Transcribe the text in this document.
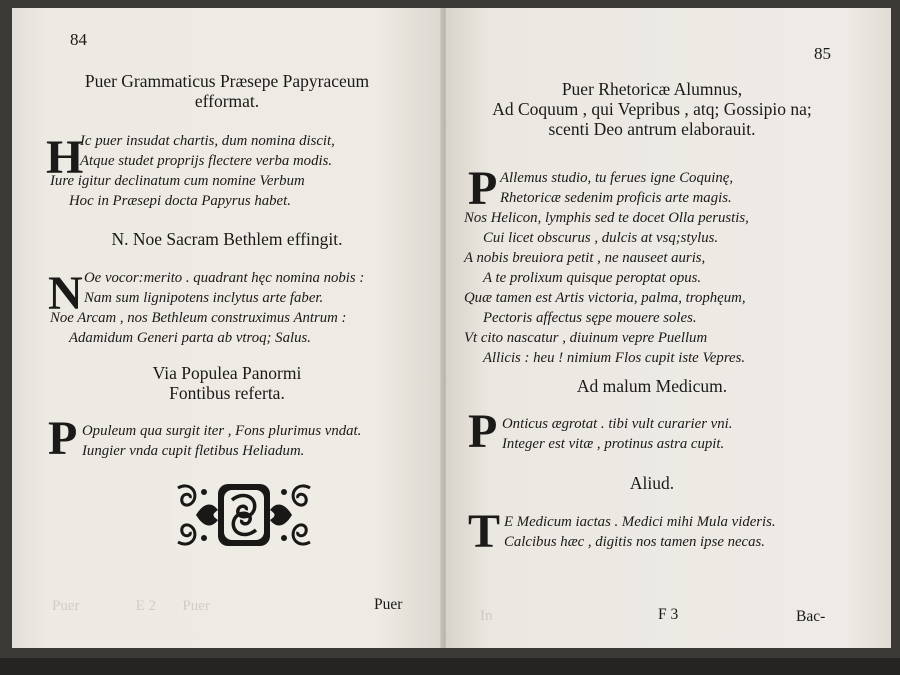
84
Puer Grammaticus Præsepe Papyraceum
efformat.
H
Ic puer insudat chartis, dum nomina discit,
Atque studet proprijs flectere verba modis.
Iure igitur declinatum cum nomine Verbum
Hoc in Præsepi docta Papyrus habet.
N. Noe Sacram Bethlem effingit.
N Oe vocor:merito . quadrant hęc nomina nobis :
Nam sum lignipotens inclytus arte faber.
Noe Arcam , nos Bethleum construximus Antrum :
Adamidum Generi parta ab vtroq; Salus.
Via Populea Panormi
Fontibus referta.
P Opuleum qua surgit iter , Fons plurimus vndat.
Iungier vnda cupit fletibus Heliadum.
Puer
Puer               E 2       Puer
85
Puer Rhetoricæ Alumnus,
Ad Coquum , qui Vepribus , atq; Gossipio na;
scenti Deo antrum elaborauit.
P Allemus studio, tu ferues igne Coquinę,
Rhetoricæ sedenim proficis arte magis.
Nos Helicon, lymphis sed te docet Olla perustis,
Cui licet obscurus , dulcis at vsq;stylus.
A nobis breuiora petit , ne nauseet auris,
A te prolixum quisque peroptat opus.
Quæ tamen est Artis victoria, palma, trophęum,
Pectoris affectus sępe mouere soles.
Vt cito nascatur , diuinum vepre Puellum
Allicis : heu ! nimium Flos cupit iste Vepres.
Ad malum Medicum.
P Onticus ægrotat . tibi vult curarier vni.
Integer est vitæ , protinus astra cupit.
Aliud.
T E Medicum iactas . Medici mihi Mula videris.
Calcibus hæc , digitis nos tamen ipse necas.
F 3	Bac-
In
